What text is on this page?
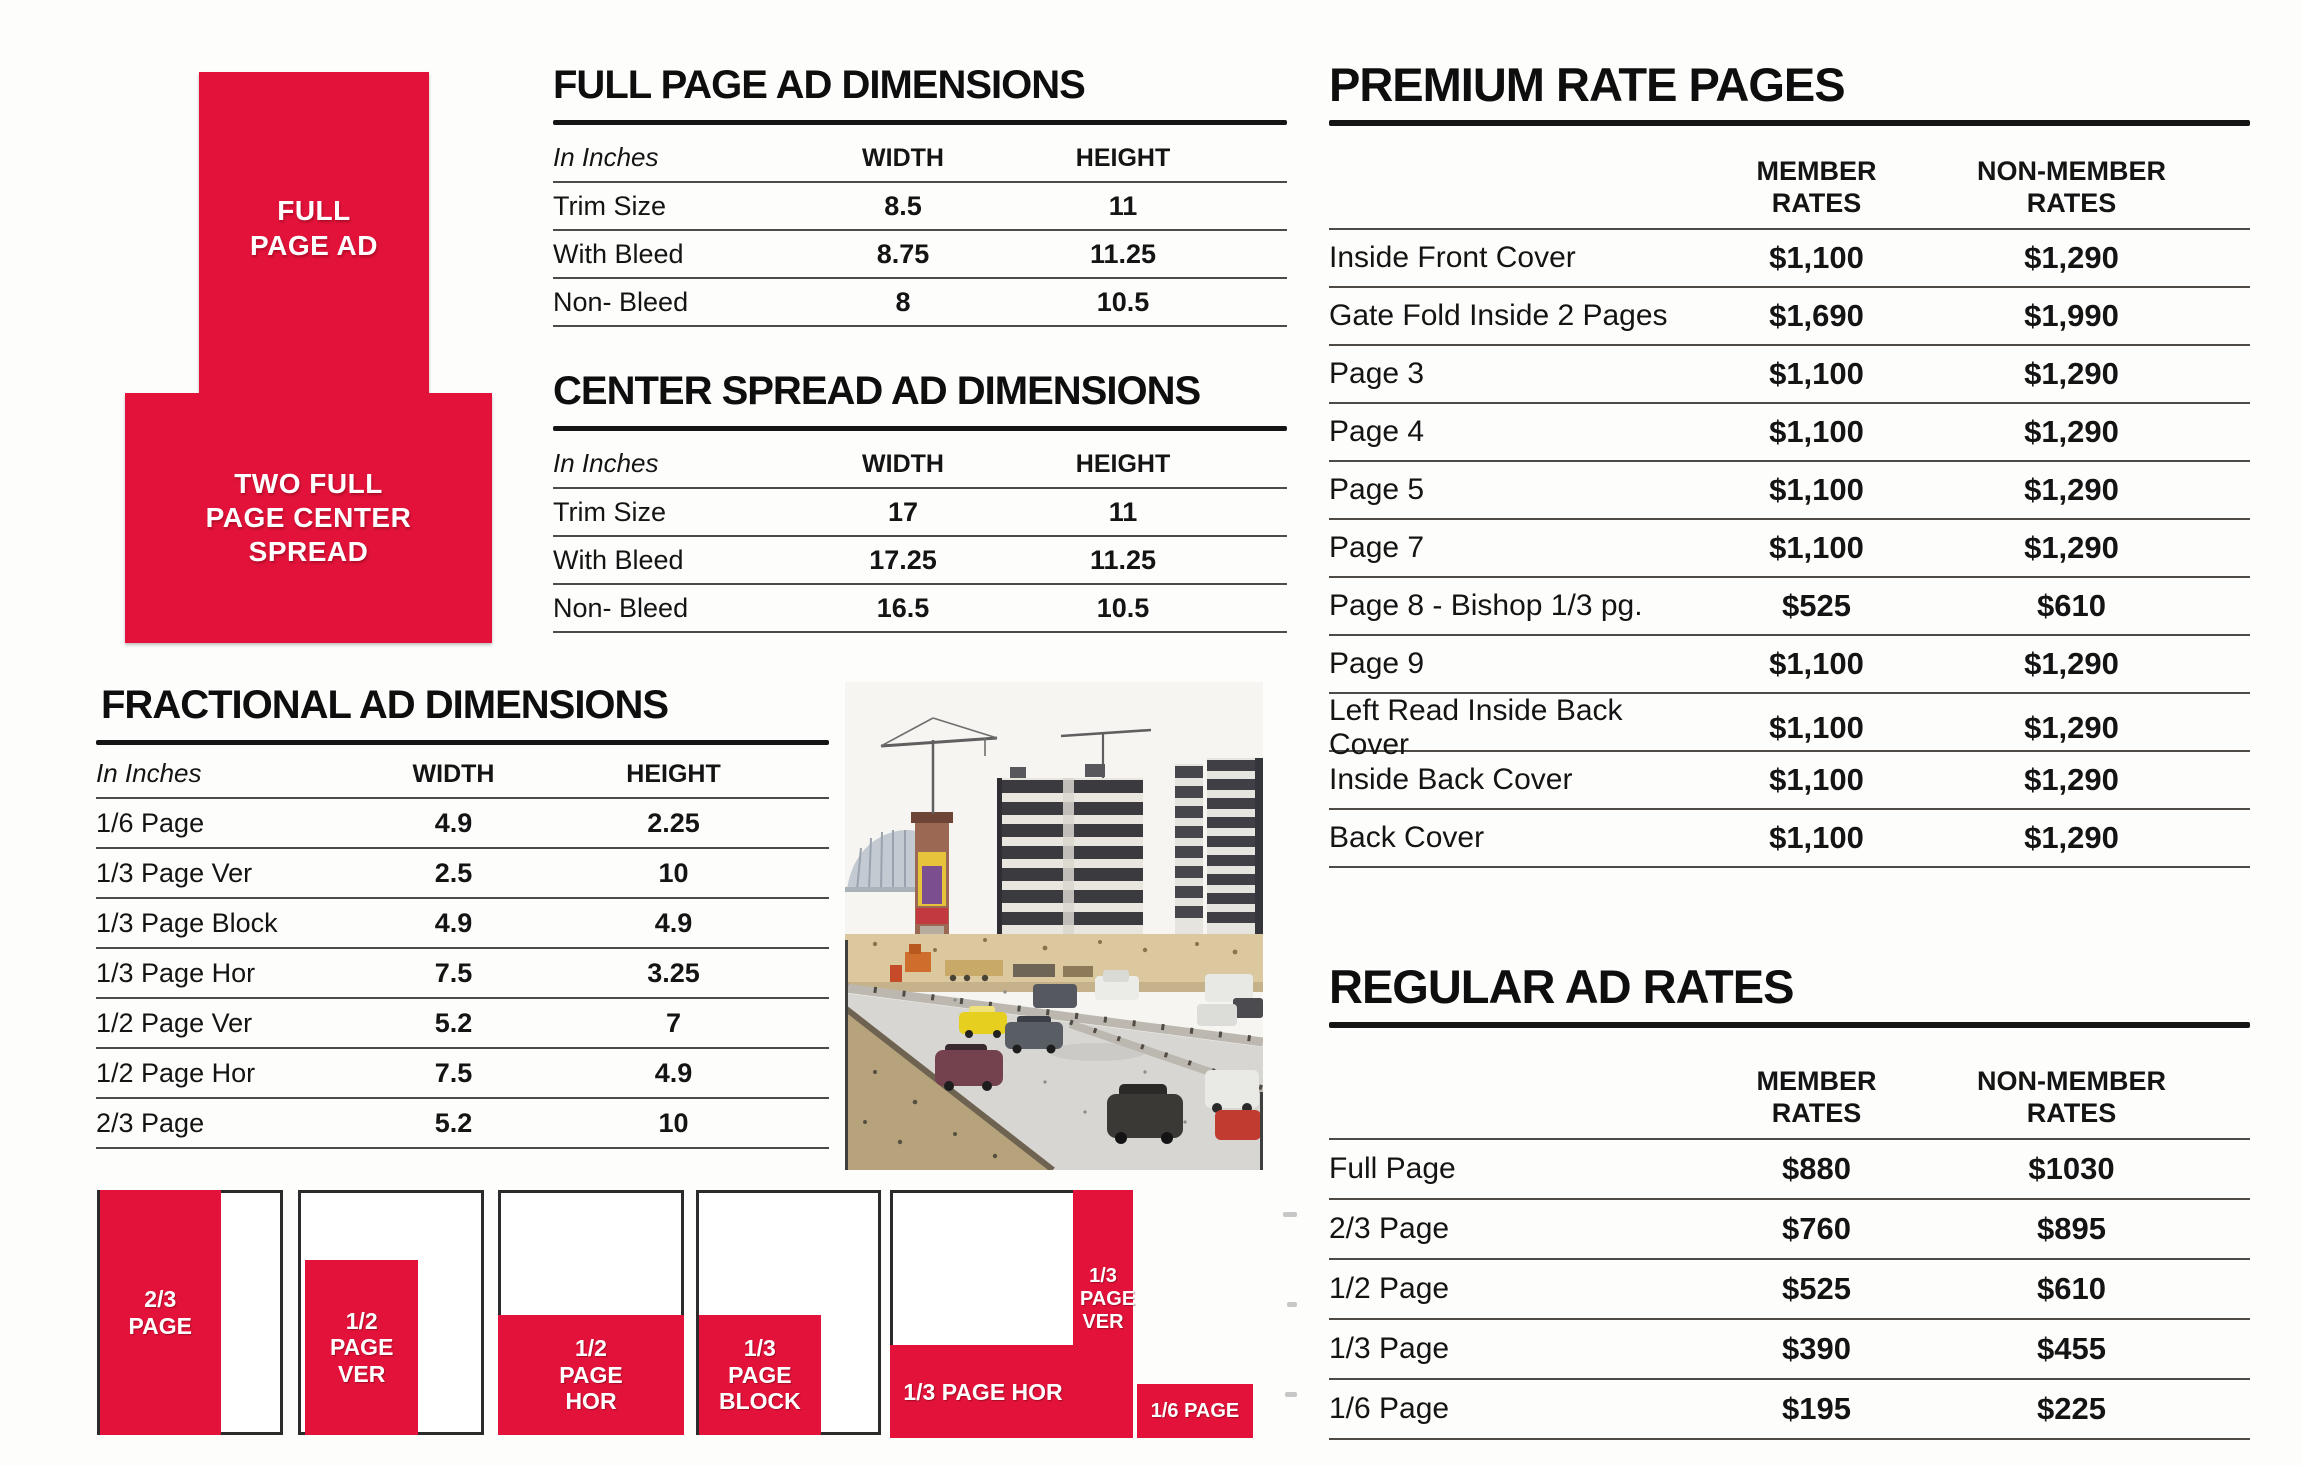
FULL PAGE AD
TWO FULL PAGE CENTER SPREAD
FULL PAGE AD DIMENSIONS
In Inches	WIDTH	HEIGHT
Trim Size	8.5	11
With Bleed	8.75	11.25
Non- Bleed	8	10.5
CENTER SPREAD AD DIMENSIONS
In Inches	WIDTH	HEIGHT
Trim Size	17	11
With Bleed	17.25	11.25
Non- Bleed	16.5	10.5
FRACTIONAL AD DIMENSIONS
In Inches	WIDTH	HEIGHT
1/6 Page	4.9	2.25
1/3 Page Ver	2.5	10
1/3 Page Block	4.9	4.9
1/3 Page Hor	7.5	3.25
1/2 Page Ver	5.2	7
1/2 Page Hor	7.5	4.9
2/3 Page	5.2	10
PREMIUM RATE PAGES
MEMBER RATES
NON-MEMBER RATES
Inside Front Cover	$1,100	$1,290
Gate Fold Inside 2 Pages	$1,690	$1,990
Page 3	$1,100	$1,290
Page 4	$1,100	$1,290
Page 5	$1,100	$1,290
Page 7	$1,100	$1,290
Page 8 - Bishop 1/3 pg.	$525	$610
Page 9	$1,100	$1,290
Left Read Inside Back Cover	$1,100	$1,290
Inside Back Cover	$1,100	$1,290
Back Cover	$1,100	$1,290
REGULAR AD RATES
MEMBER RATES
NON-MEMBER RATES
Full Page	$880	$1030
2/3 Page	$760	$895
1/2 Page	$525	$610
1/3 Page	$390	$455
1/6 Page	$195	$225
2/3 PAGE	1/2 PAGE VER
1/2 PAGE HOR
1/3 PAGE BLOCK	1/3 PAGE HOR
1/3 PAGE VER
1/6 PAGE
